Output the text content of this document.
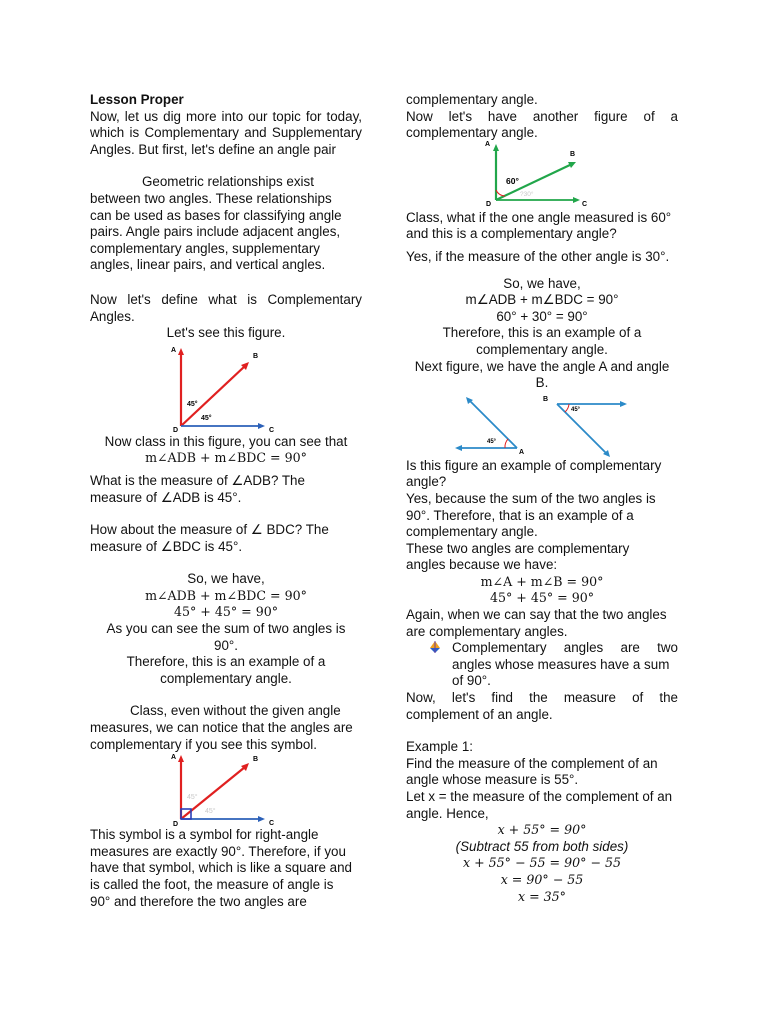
Lesson Proper

Now, let us dig more into our topic for today,

which is Complementary and Supplementary

Angles. But first, let's define an angle pair

Geometric relationships exist

between two angles. These relationships

can be used as bases for classifying angle

pairs. Angle pairs include adjacent angles,

complementary angles, supplementary

angles, linear pairs, and vertical angles.

Now let's define what is Complementary

Angles.

Let's see this figure.

A
B
D	C
45°
45°

Now class in this figure, you can see that

m∠ADB + m∠BDC = 90°

What is the measure of ∠ADB? The

measure of ∠ADB is 45°.

How about the measure of ∠ BDC? The

measure of ∠BDC is 45°.

So, we have,

m∠ADB + m∠BDC = 90°

45° + 45° = 90°

As you can see the sum of two angles is

90°.

Therefore, this is an example of a

complementary angle.

Class, even without the given angle

measures, we can notice that the angles are

complementary if you see this symbol.

A	B
D	C
45°
45°

This symbol is a symbol for right-angle

measures are exactly 90°. Therefore, if you

have that symbol, which is like a square and

is called the foot, the measure of angle is

90° and therefore the two angles are

complementary angle.

Now let's have another figure of a

complementary angle.

A
B
D	C
60°
?30°

Class, what if the one angle measured is 60°

and this is a complementary angle?

Yes, if the measure of the other angle is 30°.

So, we have,

m∠ADB + m∠BDC = 90°

60° + 30° = 90°

Therefore, this is an example of a

complementary angle.

Next figure, we have the angle A and angle

B.

45°
A
45°
B

Is this figure an example of complementary

angle?

Yes, because the sum of the two angles is

90°. Therefore, that is an example of a

complementary angle.

These two angles are complementary

angles because we have:

m∠A + m∠B = 90°

45° + 45° = 90°

Again, when we can say that the two angles

are complementary angles.

Complementary angles are two

angles whose measures have a sum

of 90°.

Now, let's find the measure of the

complement of an angle.

Example 1:

Find the measure of the complement of an

angle whose measure is 55°.

Let x = the measure of the complement of an

angle. Hence,

x + 55° = 90°

(Subtract 55 from both sides)

x + 55° − 55 = 90° − 55

x = 90° − 55

x = 35°
